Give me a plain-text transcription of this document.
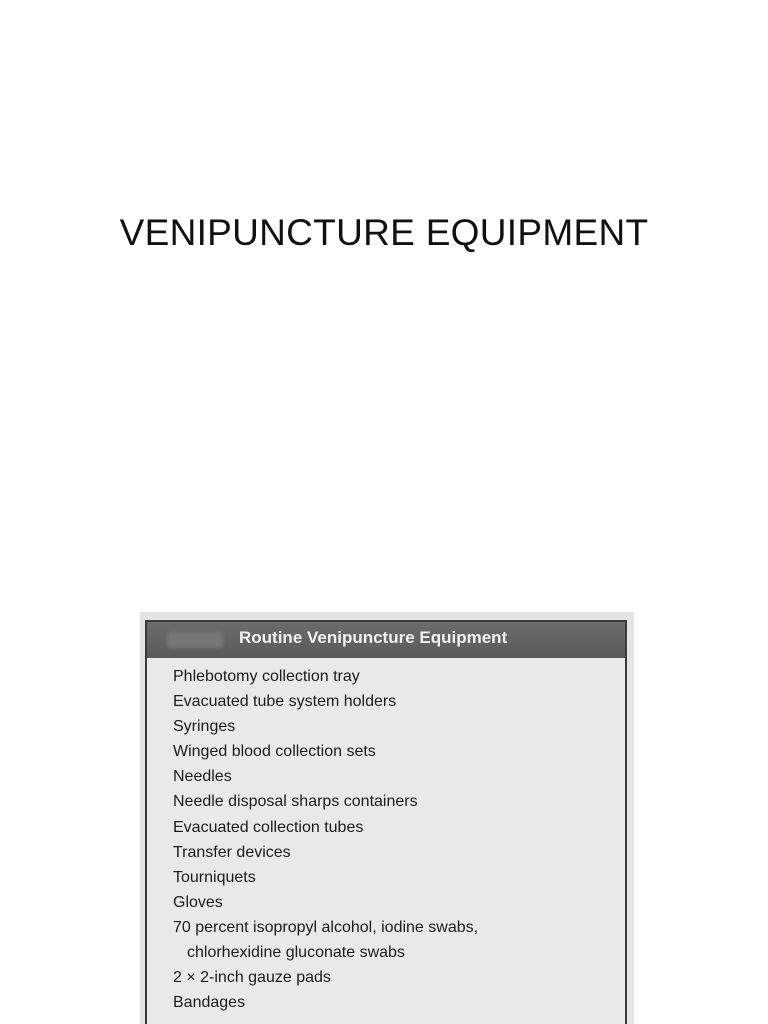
VENIPUNCTURE EQUIPMENT
Routine Venipuncture Equipment
Phlebotomy collection tray
Evacuated tube system holders
Syringes
Winged blood collection sets
Needles
Needle disposal sharps containers
Evacuated collection tubes
Transfer devices
Tourniquets
Gloves
70 percent isopropyl alcohol, iodine swabs,
chlorhexidine gluconate swabs
2 × 2-inch gauze pads
Bandages
